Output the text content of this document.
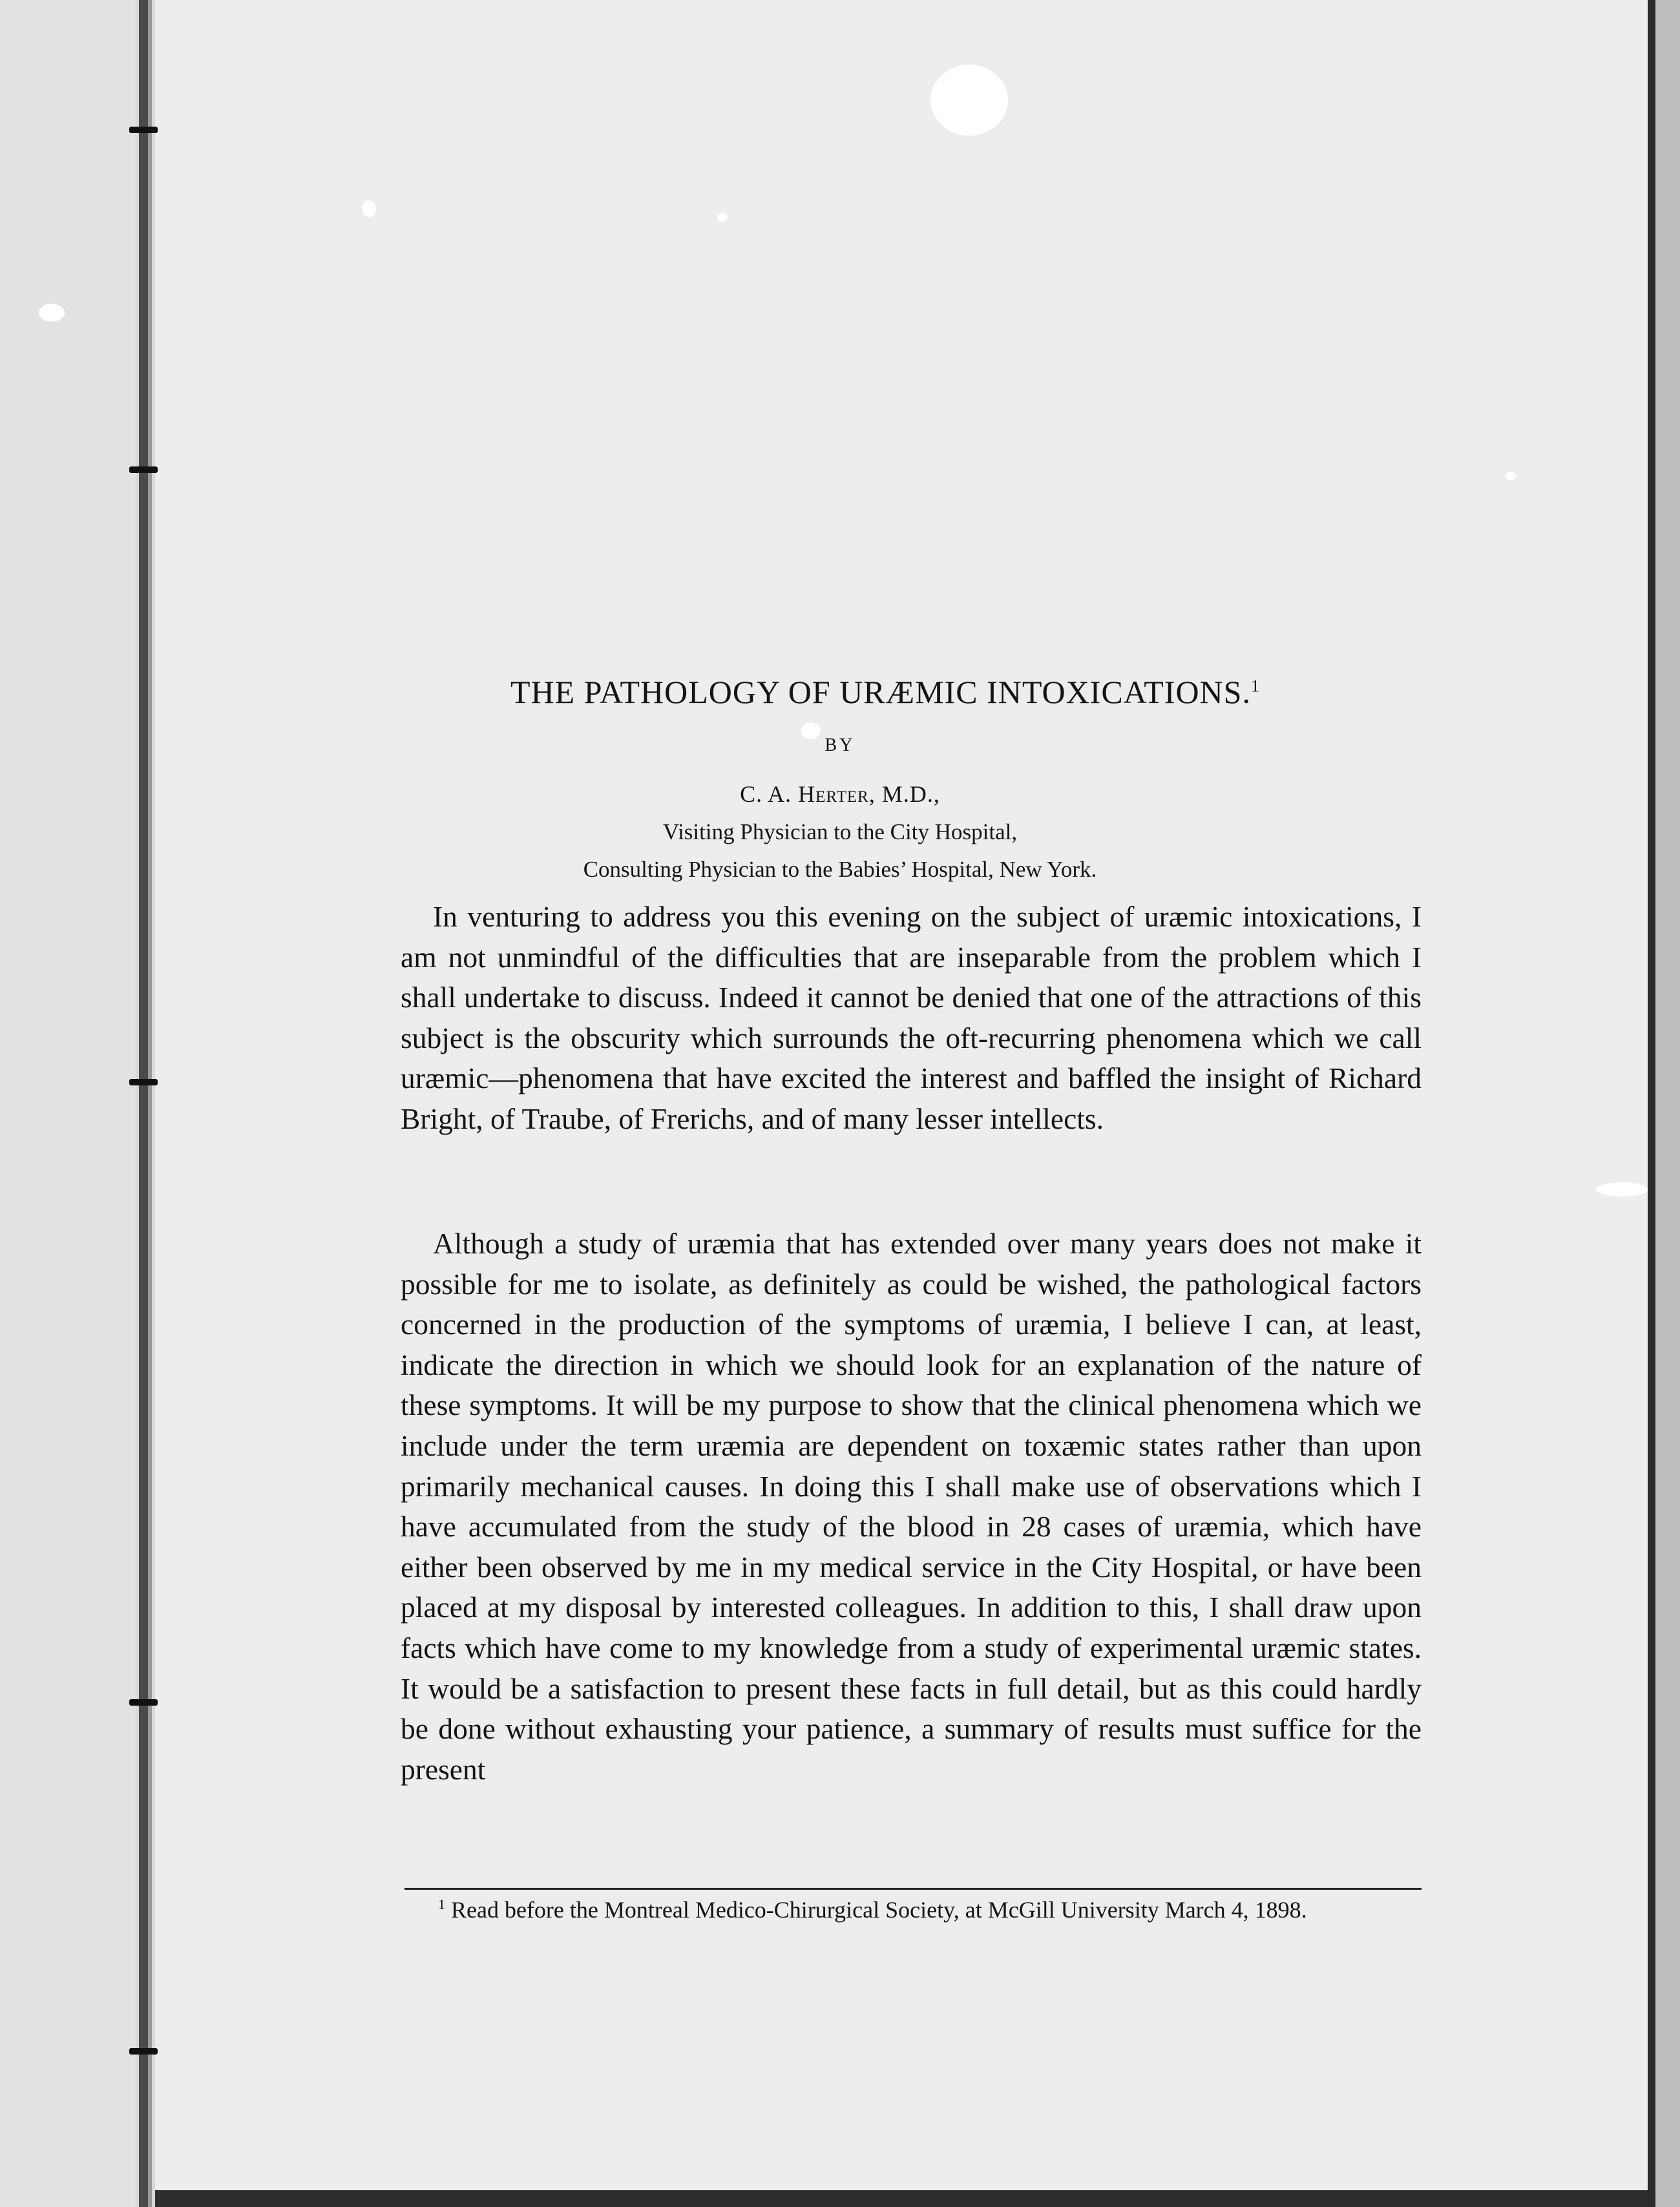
THE PATHOLOGY OF URÆMIC INTOXICATIONS.$^1$
BY
C. A. Herter, M.D.,
Visiting Physician to the City Hospital,
Consulting Physician to the Babies’ Hospital, New York.

In venturing to address you this evening on the subject of uræmic intoxications, I am not unmindful of the difficulties that are inseparable from the problem which I shall undertake to discuss. Indeed it cannot be denied that one of the attractions of this subject is the obscurity which surrounds the oft-recurring phenomena which we call uræmic—phenomena that have excited the interest and baffled the insight of Richard Bright, of Traube, of Frerichs, and of many lesser intellects.

Although a study of uræmia that has extended over many years does not make it possible for me to isolate, as definitely as could be wished, the pathological factors concerned in the production of the symptoms of uræmia, I believe I can, at least, indicate the direction in which we should look for an explanation of the nature of these symptoms. It will be my purpose to show that the clinical phenomena which we include under the term uræmia are dependent on toxæmic states rather than upon primarily mechanical causes. In doing this I shall make use of observations which I have accumulated from the study of the blood in 28 cases of uræmia, which have either been observed by me in my medical service in the City Hospital, or have been placed at my disposal by interested colleagues. In addition to this, I shall draw upon facts which have come to my knowledge from a study of experimental uræmic states. It would be a satisfaction to present these facts in full detail, but as this could hardly be done without exhausting your patience, a summary of results must suffice for the present

$^1$ Read before the Montreal Medico-Chirurgical Society, at McGill University March 4, 1898.
